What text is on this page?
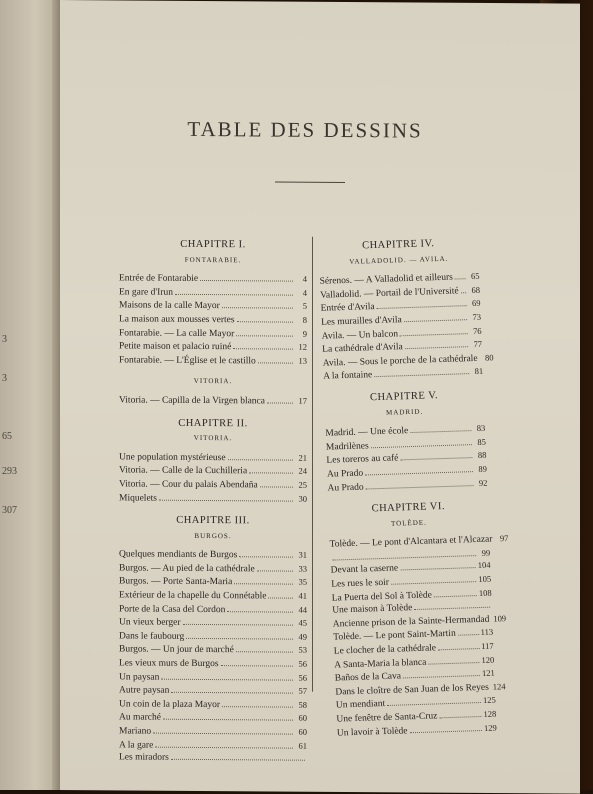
3
3
65
293
307
TABLE DES DESSINS
CHAPITRE I.
FONTARABIE.
Entrée de Fontarabie	4
En gare d'Irun	4
Maisons de la calle Mayor	5
La maison aux mousses vertes	8
Fontarabie. — La calle Mayor	9
Petite maison et palacio ruiné	12
Fontarabie. — L'Église et le castillo	13
VITORIA.
Vitoria. — Capilla de la Virgen blanca	17
CHAPITRE II.
VITORIA.
Une population mystérieuse	21
Vitoria. — Calle de la Cuchilleria	24
Vitoria. — Cour du palais Abendaña	25
Miquelets	30
CHAPITRE III.
BURGOS.
Quelques mendiants de Burgos	31
Burgos. — Au pied de la cathédrale	33
Burgos. — Porte Santa-Maria	35
Extérieur de la chapelle du Connétable	41
Porte de la Casa del Cordon	44
Un vieux berger	45
Dans le faubourg	49
Burgos. — Un jour de marché	53
Les vieux murs de Burgos	56
Un paysan	56
Autre paysan	57
Un coin de la plaza Mayor	58
Au marché	60
Mariano	60
A la gare	61
Les miradors
CHAPITRE IV.
VALLADOLID. — AVILA.
Sérenos. — A Valladolid et ailleurs	65
Valladolid. — Portail de l'Université	68
Entrée d'Avila	69
Les murailles d'Avila	73
Avila. — Un balcon	76
La cathédrale d'Avila	77
Avila. — Sous le porche de la cathédrale 80
A la fontaine	81
CHAPITRE V.
MADRID.
Madrid. — Une école	83
Madrilènes	85
Les toreros au café	88
Au Prado	89
Au Prado	92
CHAPITRE VI.
TOLÈDE.
Tolède. — Le pont d'Alcantara et l'Alcazar 97
99
Devant la caserne	104
Les rues le soir	105
La Puerta del Sol à Tolède	108
Une maison à Tolède
Ancienne prison de la Sainte-Hermandad 109
Tolède. — Le pont Saint-Martin	113
Le clocher de la cathédrale	117
A Santa-Maria la blanca	120
Baños de la Cava	121
Dans le cloître de San Juan de los Reyes 124
Un mendiant	125
Une fenêtre de Santa-Cruz	128
Un lavoir à Tolède	129
